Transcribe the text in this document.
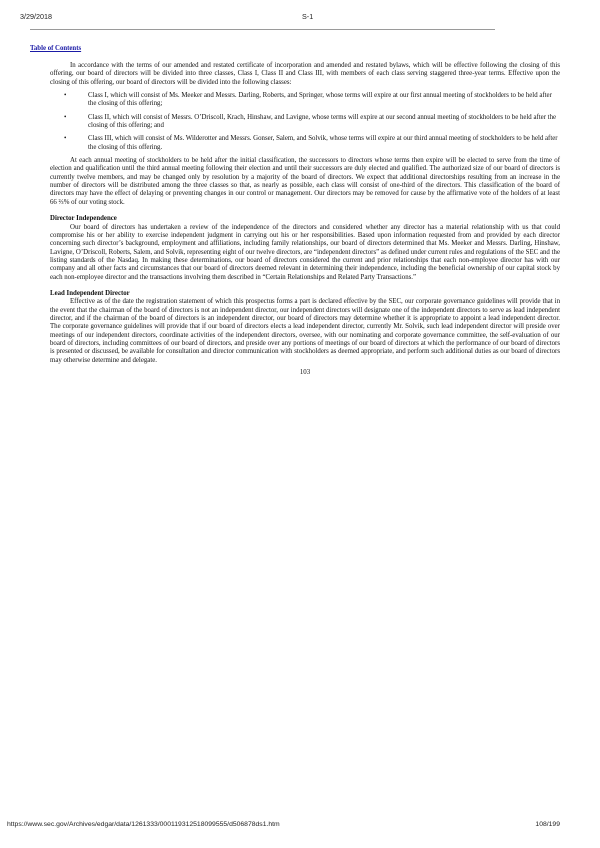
3/29/2018	S-1
Table of Contents

In accordance with the terms of our amended and restated certificate of incorporation and amended and restated bylaws, which will be effective following the closing of this offering, our board of directors will be divided into three classes, Class I, Class II and Class III, with members of each class serving staggered three-year terms. Effective upon the closing of this offering, our board of directors will be divided into the following classes:

•	Class I, which will consist of Ms. Meeker and Messrs. Darling, Roberts, and Springer, whose terms will expire at our first annual meeting of stockholders to be held after the closing of this offering;
•	Class II, which will consist of Messrs. O’Driscoll, Krach, Hinshaw, and Lavigne, whose terms will expire at our second annual meeting of stockholders to be held after the closing of this offering; and
•	Class III, which will consist of Ms. Wilderotter and Messrs. Gonser, Salem, and Solvik, whose terms will expire at our third annual meeting of stockholders to be held after the closing of this offering.

At each annual meeting of stockholders to be held after the initial classification, the successors to directors whose terms then expire will be elected to serve from the time of election and qualification until the third annual meeting following their election and until their successors are duly elected and qualified. The authorized size of our board of directors is currently twelve members, and may be changed only by resolution by a majority of the board of directors. We expect that additional directorships resulting from an increase in the number of directors will be distributed among the three classes so that, as nearly as possible, each class will consist of one-third of the directors. This classification of the board of directors may have the effect of delaying or preventing changes in our control or management. Our directors may be removed for cause by the affirmative vote of the holders of at least 66 ⅔% of our voting stock.

Director Independence

Our board of directors has undertaken a review of the independence of the directors and considered whether any director has a material relationship with us that could compromise his or her ability to exercise independent judgment in carrying out his or her responsibilities. Based upon information requested from and provided by each director concerning such director’s background, employment and affiliations, including family relationships, our board of directors determined that Ms. Meeker and Messrs. Darling, Hinshaw, Lavigne, O’Driscoll, Roberts, Salem, and Solvik, representing eight of our twelve directors, are “independent directors” as defined under current rules and regulations of the SEC and the listing standards of the Nasdaq. In making these determinations, our board of directors considered the current and prior relationships that each non-employee director has with our company and all other facts and circumstances that our board of directors deemed relevant in determining their independence, including the beneficial ownership of our capital stock by each non-employee director and the transactions involving them described in “Certain Relationships and Related Party Transactions.”

Lead Independent Director

Effective as of the date the registration statement of which this prospectus forms a part is declared effective by the SEC, our corporate governance guidelines will provide that in the event that the chairman of the board of directors is not an independent director, our independent directors will designate one of the independent directors to serve as lead independent director, and if the chairman of the board of directors is an independent director, our board of directors may determine whether it is appropriate to appoint a lead independent director. The corporate governance guidelines will provide that if our board of directors elects a lead independent director, currently Mr. Solvik, such lead independent director will preside over meetings of our independent directors, coordinate activities of the independent directors, oversee, with our nominating and corporate governance committee, the self-evaluation of our board of directors, including committees of our board of directors, and preside over any portions of meetings of our board of directors at which the performance of our board of directors is presented or discussed, be available for consultation and director communication with stockholders as deemed appropriate, and perform such additional duties as our board of directors may otherwise determine and delegate.

103

https://www.sec.gov/Archives/edgar/data/1261333/000119312518099555/d506878ds1.htm	108/199
